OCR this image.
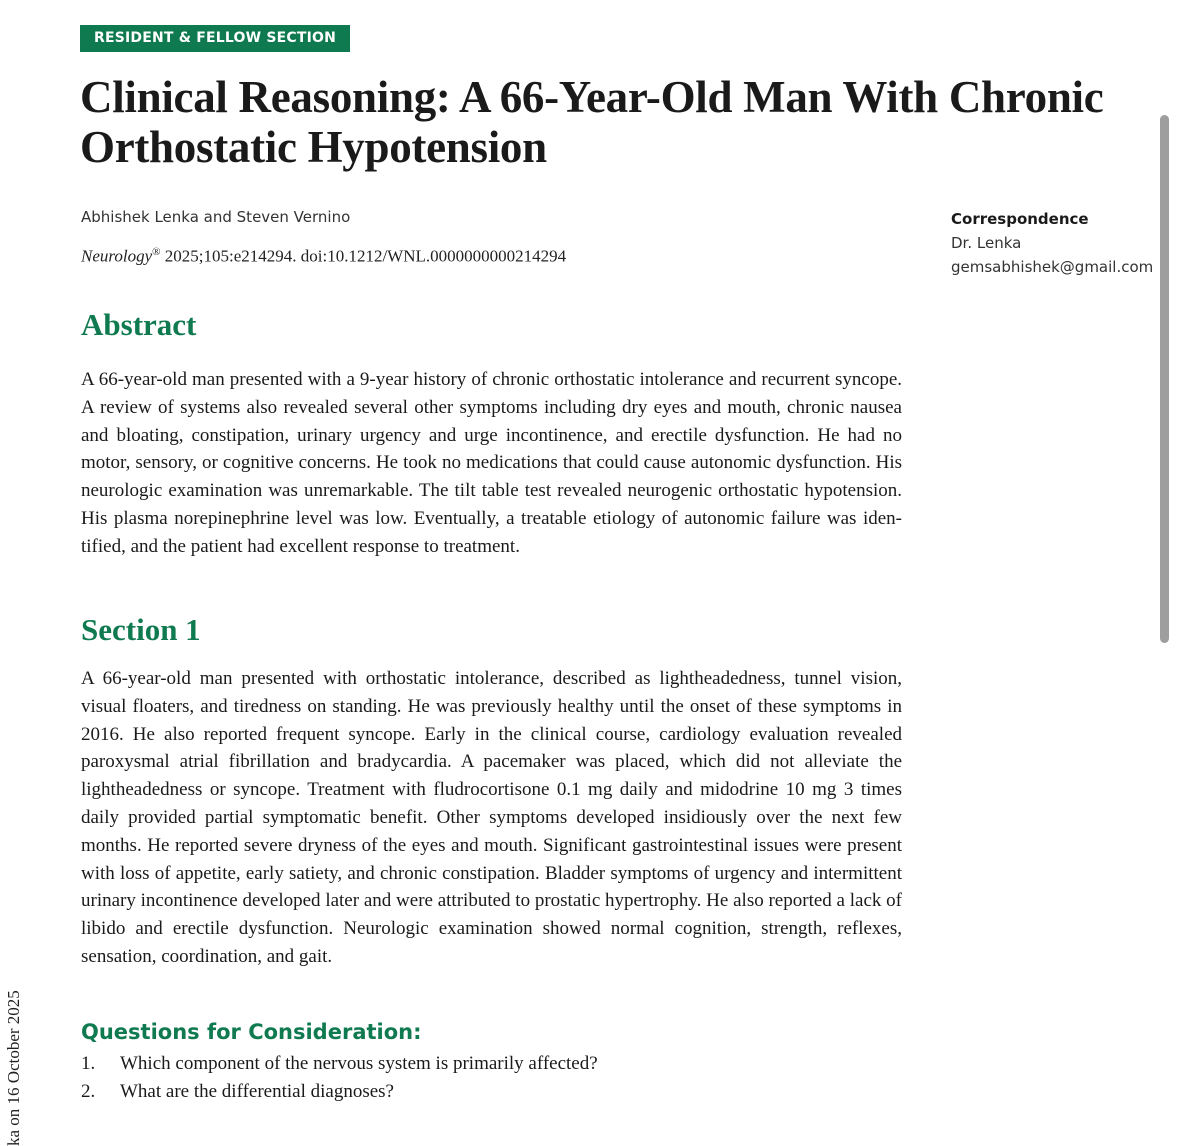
RESIDENT & FELLOW SECTION
Clinical Reasoning: A 66-Year-Old Man With Chronic Orthostatic Hypotension
Abhishek Lenka and Steven Vernino
Neurology® 2025;105:e214294. doi:10.1212/WNL.0000000000214294
Correspondence
Dr. Lenka
gemsabhishek@gmail.com
Abstract

A 66-year-old man presented with a 9-year history of chronic orthostatic intolerance and recurrent syncope. A review of systems also revealed several other symptoms including dry eyes and mouth, chronic nausea and bloating, constipation, urinary urgency and urge incontinence, and erectile dysfunction. He had no motor, sensory, or cognitive concerns. He took no medications that could cause autonomic dysfunction. His neurologic examination was unremarkable. The tilt table test revealed neurogenic orthostatic hypotension. His plasma norepinephrine level was low. Eventually, a treatable etiology of autonomic failure was identified, and the patient had excellent response to treatment.

Section 1

A 66-year-old man presented with orthostatic intolerance, described as lightheadedness, tunnel vision, visual floaters, and tiredness on standing. He was previously healthy until the onset of these symptoms in 2016. He also reported frequent syncope. Early in the clinical course, cardiology evaluation revealed paroxysmal atrial fibrillation and bradycardia. A pacemaker was placed, which did not alleviate the lightheadedness or syncope. Treatment with fludrocortisone 0.1 mg daily and midodrine 10 mg 3 times daily provided partial symptomatic benefit. Other symptoms developed insidiously over the next few months. He reported severe dryness of the eyes and mouth. Significant gastrointestinal issues were present with loss of appetite, early satiety, and chronic constipation. Bladder symptoms of urgency and intermittent urinary incontinence developed later and were attributed to prostatic hypertrophy. He also reported a lack of libido and erectile dysfunction. Neurologic examination showed normal cognition, strength, reflexes, sensation, coordination, and gait.

Questions for Consideration:
1.	Which component of the nervous system is primarily affected?
2.	What are the differential diagnoses?
ka on 16 October 2025
